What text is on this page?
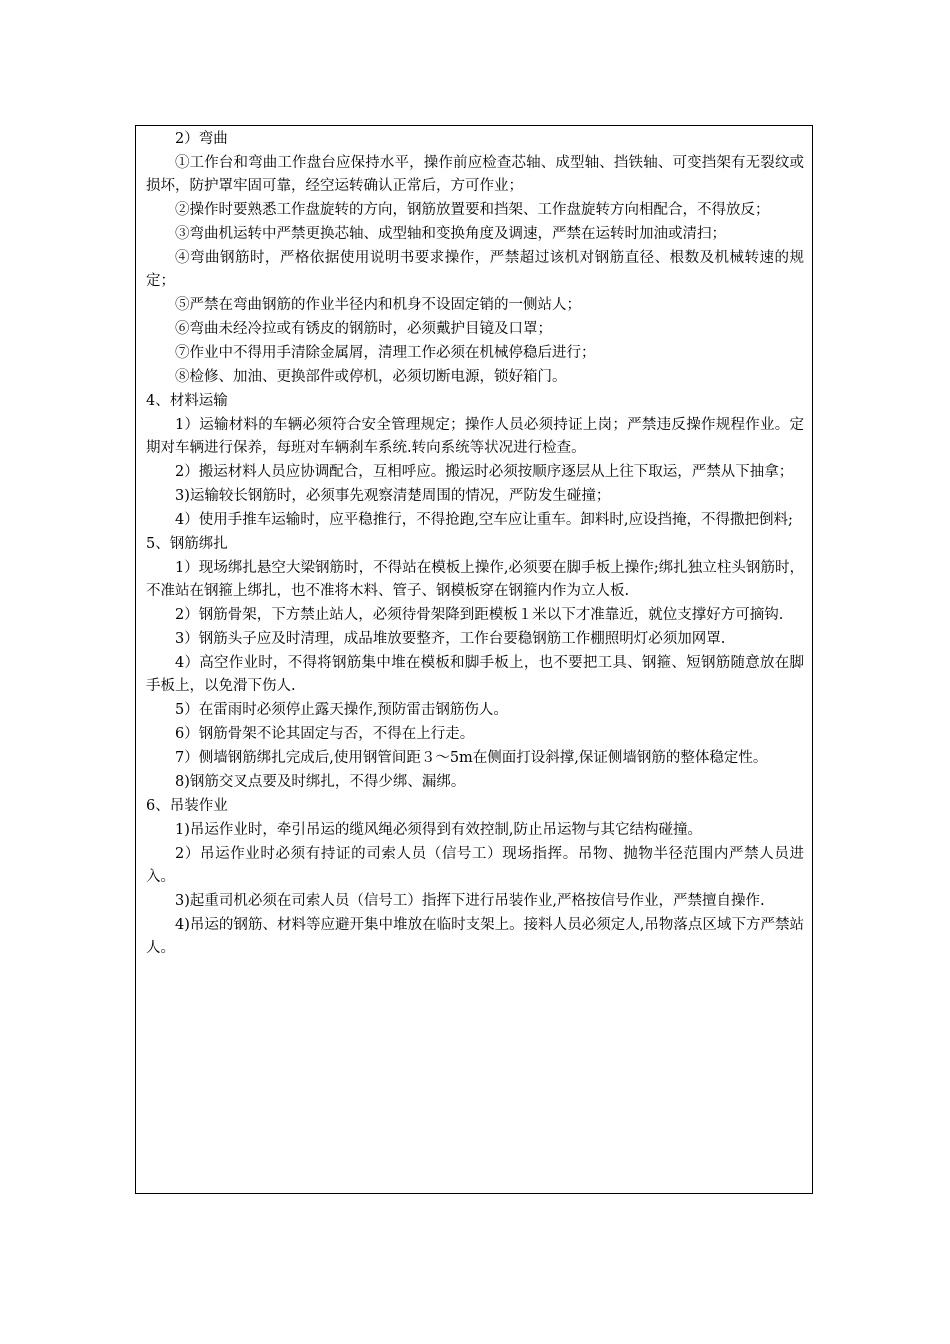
2）弯曲

①工作台和弯曲工作盘台应保持水平，操作前应检查芯轴、成型轴、挡铁轴、可变挡架有无裂纹或损坏，防护罩牢固可靠，经空运转确认正常后，方可作业；

②操作时要熟悉工作盘旋转的方向，钢筋放置要和挡架、工作盘旋转方向相配合，不得放反；

③弯曲机运转中严禁更换芯轴、成型轴和变换角度及调速，严禁在运转时加油或清扫；

④弯曲钢筋时，严格依据使用说明书要求操作，严禁超过该机对钢筋直径、根数及机械转速的规定；

⑤严禁在弯曲钢筋的作业半径内和机身不设固定销的一侧站人；

⑥弯曲未经冷拉或有锈皮的钢筋时，必须戴护目镜及口罩；

⑦作业中不得用手清除金属屑，清理工作必须在机械停稳后进行；

⑧检修、加油、更换部件或停机，必须切断电源，锁好箱门。

4、材料运输

1）运输材料的车辆必须符合安全管理规定；操作人员必须持证上岗；严禁违反操作规程作业。定期对车辆进行保养，每班对车辆刹车系统.转向系统等状况进行检查。

2）搬运材料人员应协调配合，互相呼应。搬运时必须按顺序逐层从上往下取运，严禁从下抽拿；

3)运输较长钢筋时，必须事先观察清楚周围的情况，严防发生碰撞；

4）使用手推车运输时，应平稳推行，不得抢跑,空车应让重车。卸料时,应设挡掩，不得撒把倒料;

5、钢筋绑扎

1）现场绑扎悬空大梁钢筋时，不得站在模板上操作,必须要在脚手板上操作;绑扎独立柱头钢筋时，不准站在钢箍上绑扎，也不准将木料、管子、钢模板穿在钢箍内作为立人板.

2）钢筋骨架，下方禁止站人，必须待骨架降到距模板１米以下才准靠近，就位支撑好方可摘钩.

3）钢筋头子应及时清理，成品堆放要整齐，工作台要稳钢筋工作棚照明灯必须加网罩.

4）高空作业时，不得将钢筋集中堆在模板和脚手板上，也不要把工具、钢箍、短钢筋随意放在脚手板上，以免滑下伤人.

5）在雷雨时必须停止露天操作,预防雷击钢筋伤人。

6）钢筋骨架不论其固定与否，不得在上行走。

7）侧墙钢筋绑扎完成后,使用钢管间距３～5m在侧面打设斜撑,保证侧墙钢筋的整体稳定性。

8)钢筋交叉点要及时绑扎，不得少绑、漏绑。

6、吊装作业

1)吊运作业时，牵引吊运的缆风绳必须得到有效控制,防止吊运物与其它结构碰撞。

2）吊运作业时必须有持证的司索人员（信号工）现场指挥。吊物、抛物半径范围内严禁人员进入。

3)起重司机必须在司索人员（信号工）指挥下进行吊装作业,严格按信号作业，严禁擅自操作.

4)吊运的钢筋、材料等应避开集中堆放在临时支架上。接料人员必须定人,吊物落点区域下方严禁站人。
